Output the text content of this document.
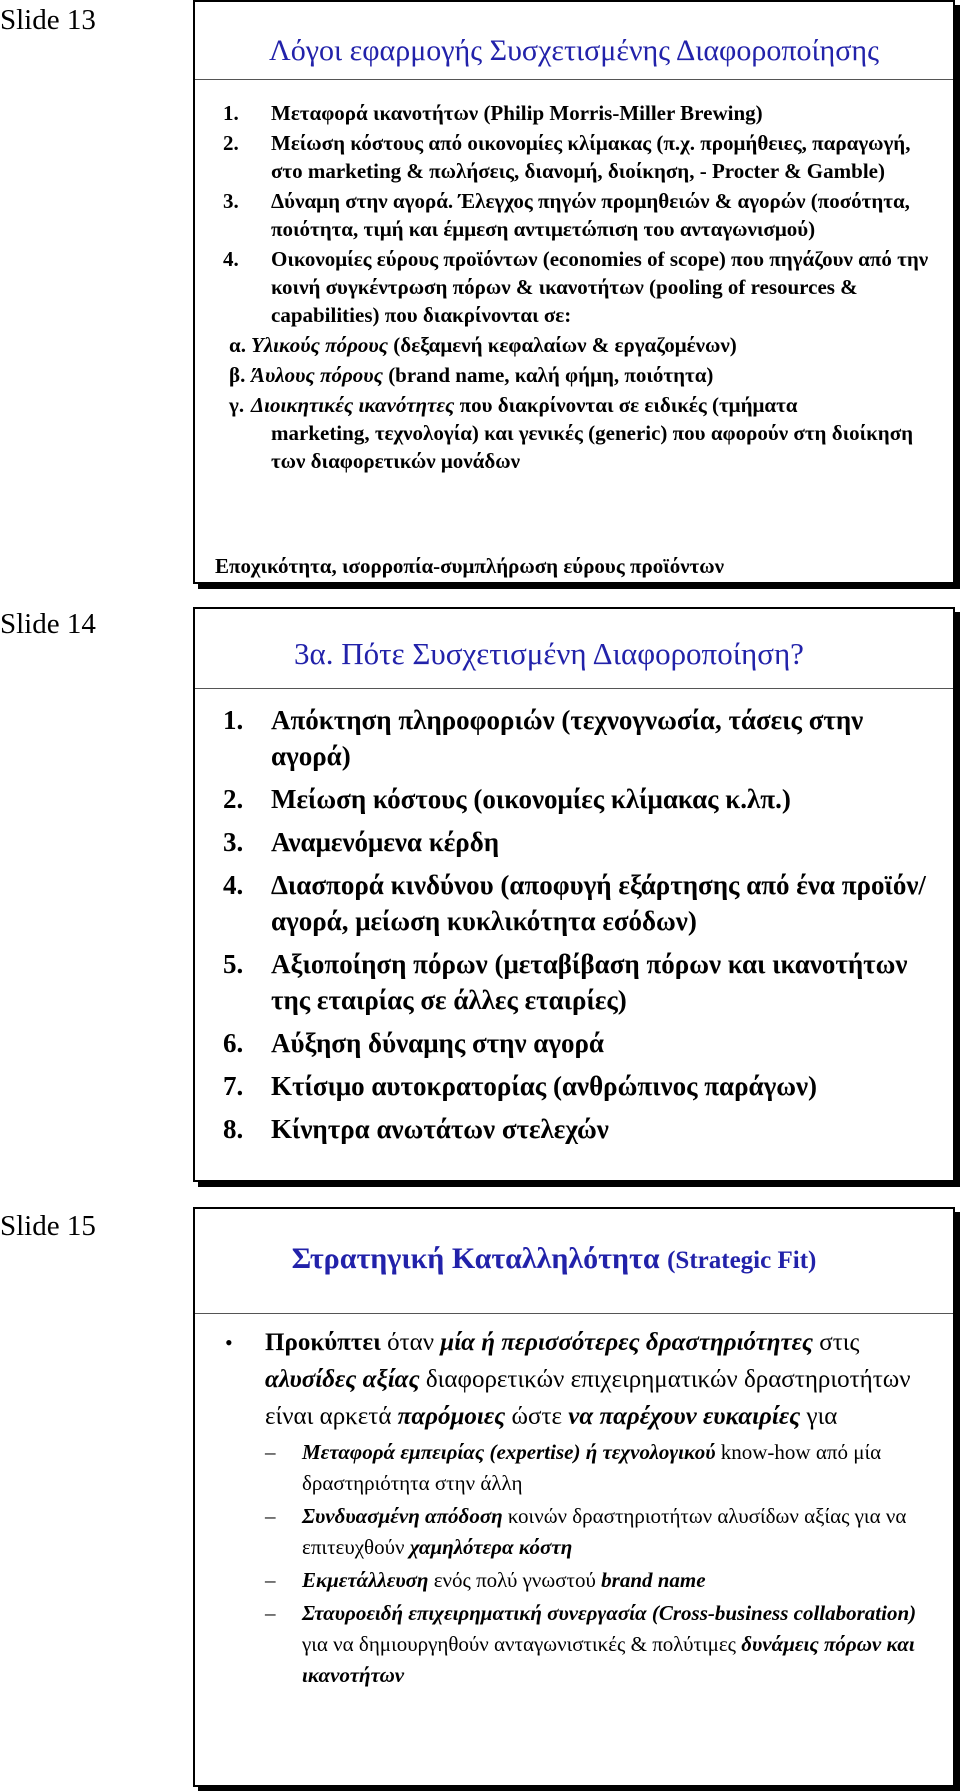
Slide 13
Λόγοι εφαρμογής Συσχετισμένης Διαφοροποίησης
1.	Μεταφορά ικανοτήτων (Philip Morris-Miller Brewing)
2.	Μείωση κόστους από οικονομίες κλίμακας (π.χ. προμήθειες, παραγωγή, στο marketing & πωλήσεις, διανομή, διοίκηση, - Procter & Gamble)
3.	Δύναμη στην αγορά. Έλεγχος πηγών προμηθειών & αγορών (ποσότητα, ποιότητα, τιμή και έμμεση αντιμετώπιση του ανταγωνισμού)
4.	Οικονομίες εύρους προϊόντων (economies of scope) που πηγάζουν από την κοινή συγκέντρωση πόρων & ικανοτήτων (pooling of resources & capabilities) που διακρίνονται σε:
α. Υλικούς πόρους (δεξαμενή κεφαλαίων & εργαζομένων)
β. Άυλους πόρους (brand name, καλή φήμη, ποιότητα)
γ. Διοικητικές ικανότητες που διακρίνονται σε ειδικές (τμήματα
marketing, τεχνολογία) και γενικές (generic) που αφορούν στη διοίκηση των διαφορετικών μονάδων
Εποχικότητα, ισορροπία-συμπλήρωση εύρους προϊόντων
Slide 14
3α. Πότε Συσχετισμένη Διαφοροποίηση?
1.	Απόκτηση πληροφοριών (τεχνογνωσία, τάσεις στην αγορά)
2.	Μείωση κόστους (οικονομίες κλίμακας κ.λπ.)
3.	Αναμενόμενα κέρδη
4.	Διασπορά κινδύνου (αποφυγή εξάρτησης από ένα προϊόν/αγορά, μείωση κυκλικότητα εσόδων)
5.	Αξιοποίηση πόρων (μεταβίβαση πόρων και ικανοτήτων της εταιρίας σε άλλες εταιρίες)
6.	Αύξηση δύναμης στην αγορά
7.	Κτίσιμο αυτοκρατορίας (ανθρώπινος παράγων)
8.	Κίνητρα ανωτάτων στελεχών
Slide 15
Στρατηγική Καταλληλότητα (Strategic Fit)
•	Προκύπτει όταν μία ή περισσότερες δραστηριότητες στις αλυσίδες αξίας διαφορετικών επιχειρηματικών δραστηριοτήτων είναι αρκετά παρόμοιες ώστε να παρέχουν ευκαιρίες για
–	Μεταφορά εμπειρίας (expertise) ή τεχνολογικού know-how από μία δραστηριότητα στην άλλη
–	Συνδυασμένη απόδοση κοινών δραστηριοτήτων αλυσίδων αξίας για να επιτευχθούν χαμηλότερα κόστη
–	Εκμετάλλευση ενός πολύ γνωστού brand name
–	Σταυροειδή επιχειρηματική συνεργασία (Cross-business collaboration) για να δημιουργηθούν ανταγωνιστικές & πολύτιμες δυνάμεις πόρων και ικανοτήτων
